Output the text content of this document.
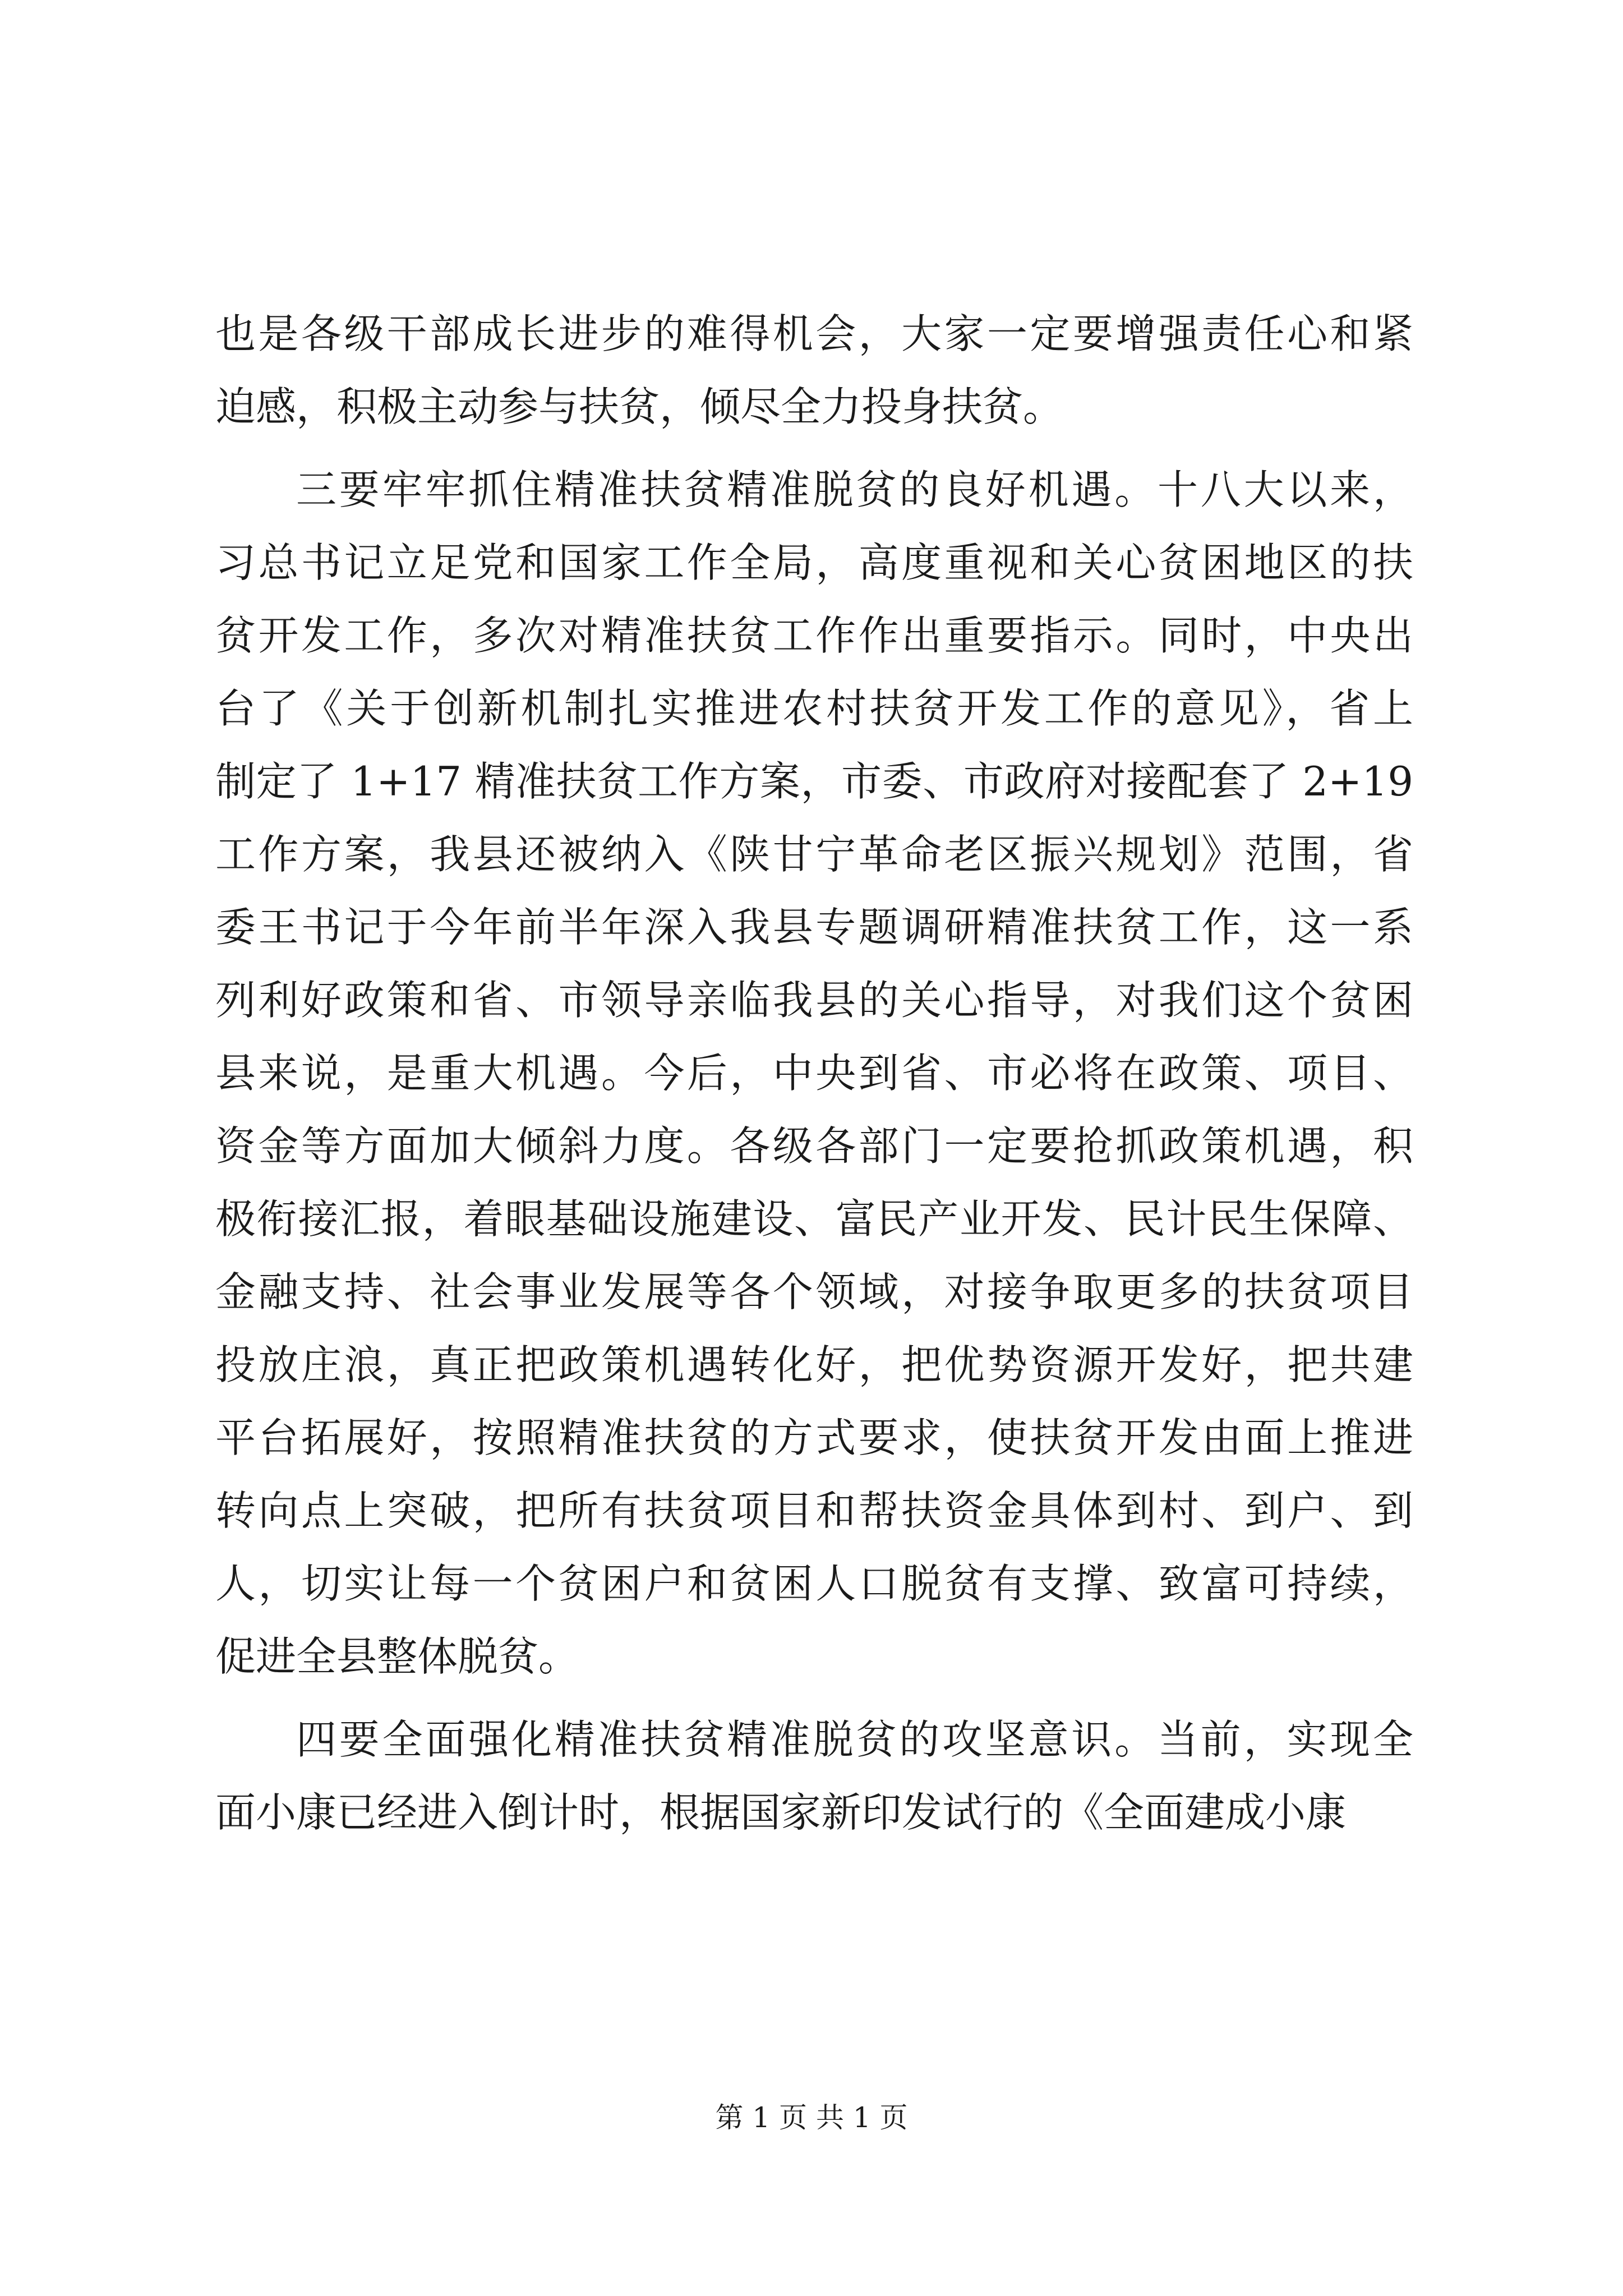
也是各级干部成长进步的难得机会，大家一定要增强责任心和紧
迫感，积极主动参与扶贫，倾尽全力投身扶贫。
三要牢牢抓住精准扶贫精准脱贫的良好机遇。十八大以来，
习总书记立足党和国家工作全局，高度重视和关心贫困地区的扶
贫开发工作，多次对精准扶贫工作作出重要指示。同时，中央出
台了《关于创新机制扎实推进农村扶贫开发工作的意见》，省上
制定了 1+17 精准扶贫工作方案，市委、市政府对接配套了 2+19
工作方案，我县还被纳入《陕甘宁革命老区振兴规划》范围，省
委王书记于今年前半年深入我县专题调研精准扶贫工作，这一系
列利好政策和省、市领导亲临我县的关心指导，对我们这个贫困
县来说，是重大机遇。今后，中央到省、市必将在政策、项目、
资金等方面加大倾斜力度。各级各部门一定要抢抓政策机遇，积
极衔接汇报，着眼基础设施建设、富民产业开发、民计民生保障、
金融支持、社会事业发展等各个领域，对接争取更多的扶贫项目
投放庄浪，真正把政策机遇转化好，把优势资源开发好，把共建
平台拓展好，按照精准扶贫的方式要求，使扶贫开发由面上推进
转向点上突破，把所有扶贫项目和帮扶资金具体到村、到户、到
人，切实让每一个贫困户和贫困人口脱贫有支撑、致富可持续，
促进全县整体脱贫。
四要全面强化精准扶贫精准脱贫的攻坚意识。当前，实现全
面小康已经进入倒计时，根据国家新印发试行的《全面建成小康
第 1 页 共 1 页
